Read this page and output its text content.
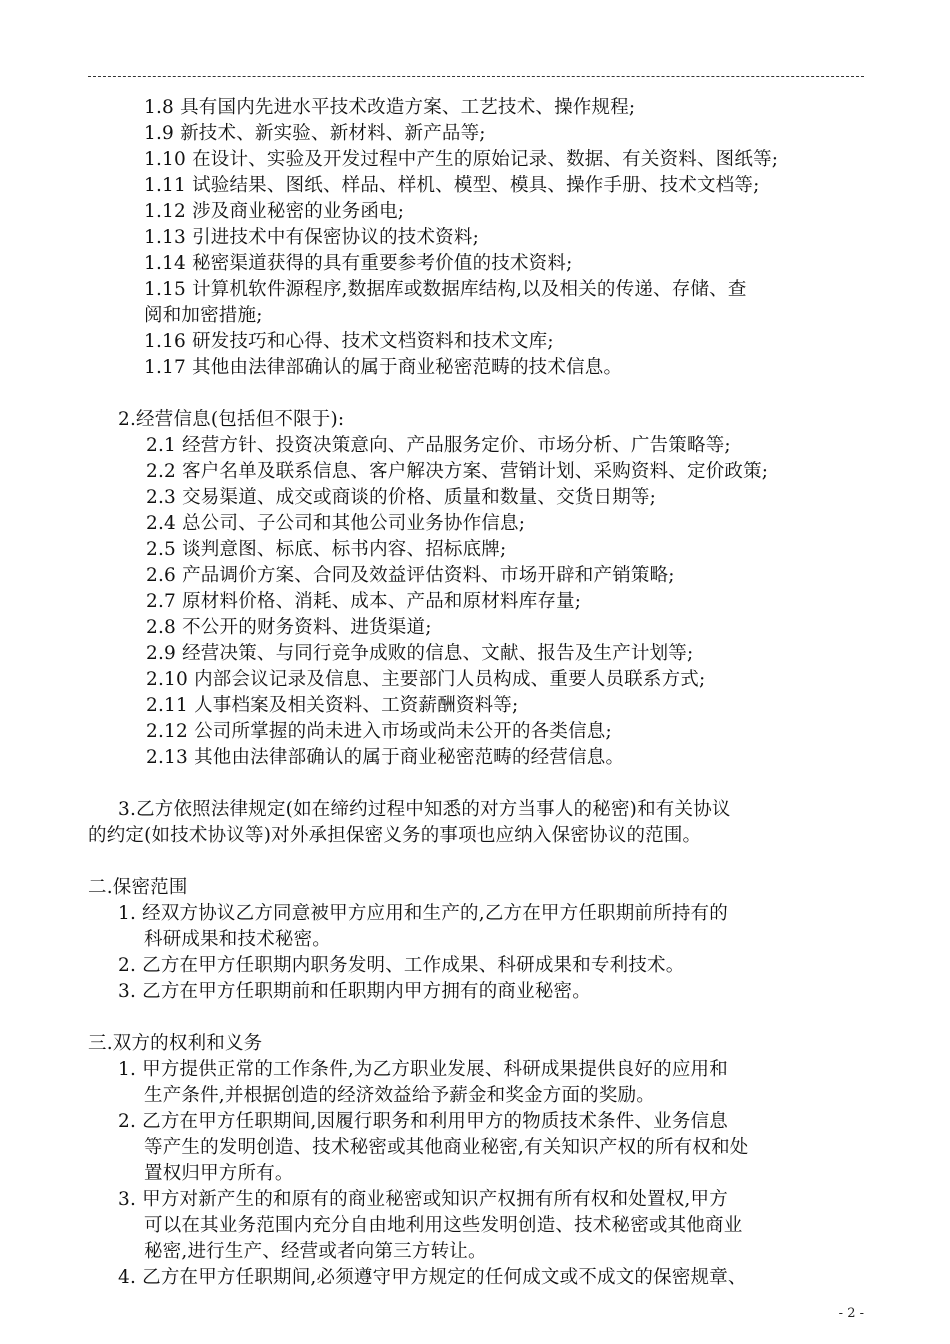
1.8 具有国内先进水平技术改造方案、工艺技术、操作规程;
1.9 新技术、新实验、新材料、新产品等;
1.10 在设计、实验及开发过程中产生的原始记录、数据、有关资料、图纸等;
1.11 试验结果、图纸、样品、样机、模型、模具、操作手册、技术文档等;
1.12 涉及商业秘密的业务函电;
1.13 引进技术中有保密协议的技术资料;
1.14 秘密渠道获得的具有重要参考价值的技术资料;
1.15 计算机软件源程序,数据库或数据库结构,以及相关的传递、存储、查
阅和加密措施;
1.16 研发技巧和心得、技术文档资料和技术文库;
1.17 其他由法律部确认的属于商业秘密范畴的技术信息。
2.经营信息(包括但不限于):
2.1 经营方针、投资决策意向、产品服务定价、市场分析、广告策略等;
2.2 客户名单及联系信息、客户解决方案、营销计划、采购资料、定价政策;
2.3 交易渠道、成交或商谈的价格、质量和数量、交货日期等;
2.4 总公司、子公司和其他公司业务协作信息;
2.5 谈判意图、标底、标书内容、招标底牌;
2.6 产品调价方案、合同及效益评估资料、市场开辟和产销策略;
2.7 原材料价格、消耗、成本、产品和原材料库存量;
2.8 不公开的财务资料、进货渠道;
2.9 经营决策、与同行竞争成败的信息、文献、报告及生产计划等;
2.10 内部会议记录及信息、主要部门人员构成、重要人员联系方式;
2.11 人事档案及相关资料、工资薪酬资料等;
2.12 公司所掌握的尚未进入市场或尚未公开的各类信息;
2.13 其他由法律部确认的属于商业秘密范畴的经营信息。
3.乙方依照法律规定(如在缔约过程中知悉的对方当事人的秘密)和有关协议
的约定(如技术协议等)对外承担保密义务的事项也应纳入保密协议的范围。
二.保密范围
1. 经双方协议乙方同意被甲方应用和生产的,乙方在甲方任职期前所持有的
科研成果和技术秘密。
2. 乙方在甲方任职期内职务发明、工作成果、科研成果和专利技术。
3. 乙方在甲方任职期前和任职期内甲方拥有的商业秘密。
三.双方的权利和义务
1. 甲方提供正常的工作条件,为乙方职业发展、科研成果提供良好的应用和
生产条件,并根据创造的经济效益给予薪金和奖金方面的奖励。
2. 乙方在甲方任职期间,因履行职务和利用甲方的物质技术条件、业务信息
等产生的发明创造、技术秘密或其他商业秘密,有关知识产权的所有权和处
置权归甲方所有。
3. 甲方对新产生的和原有的商业秘密或知识产权拥有所有权和处置权,甲方
可以在其业务范围内充分自由地利用这些发明创造、技术秘密或其他商业
秘密,进行生产、经营或者向第三方转让。
4. 乙方在甲方任职期间,必须遵守甲方规定的任何成文或不成文的保密规章、
- 2 -
